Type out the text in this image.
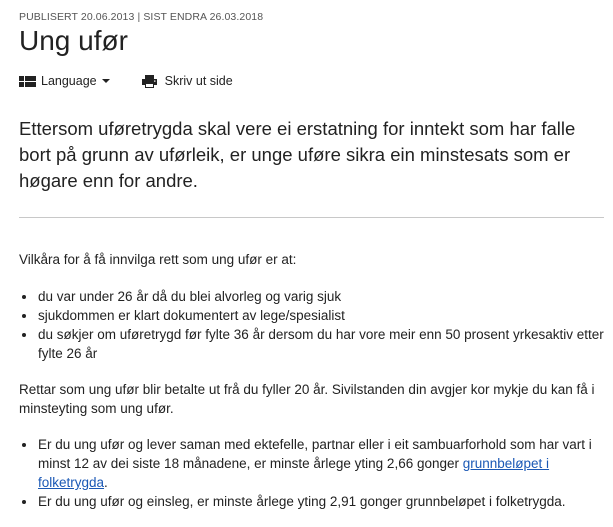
PUBLISERT 20.06.2013 | SIST ENDRA 26.03.2018
Ung ufør
Language	Skriv ut side

Ettersom uføretrygda skal vere ei erstatning for inntekt som har falle bort på grunn av uførleik, er unge uføre sikra ein minstesats som er høgare enn for andre.

Vilkåra for å få innvilga rett som ung ufør er at:

du var under 26 år då du blei alvorleg og varig sjuk
sjukdommen er klart dokumentert av lege/spesialist
du søkjer om uføretrygd før fylte 36 år dersom du har vore meir enn 50 prosent yrkesaktiv etter fylte 26 år

Rettar som ung ufør blir betalte ut frå du fyller 20 år. Sivilstanden din avgjer kor mykje du kan få i minsteyting som ung ufør.

Er du ung ufør og lever saman med ektefelle, partnar eller i eit sambuarforhold som har vart i minst 12 av dei siste 18 månadene, er minste årlege yting 2,66 gonger grunnbeløpet i folketrygda.
Er du ung ufør og einsleg, er minste årlege yting 2,91 gonger grunnbeløpet i folketrygda.
